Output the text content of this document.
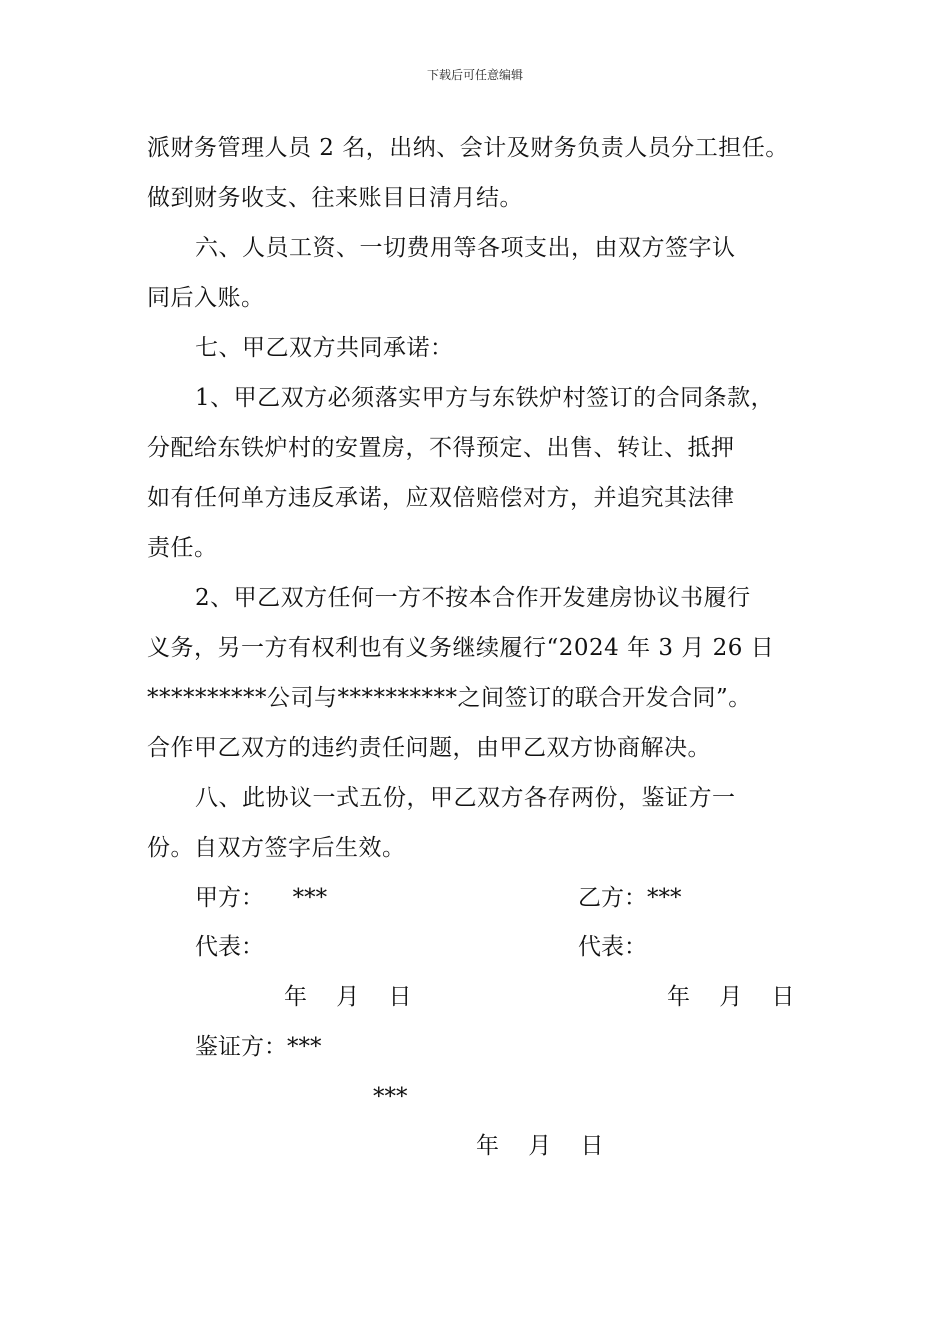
下载后可任意编辑
派财务管理人员 2 名，出纳、会计及财务负责人员分工担任。
做到财务收支、往来账目日清月结。
六、人员工资、一切费用等各项支出，由双方签字认
同后入账。
七、甲乙双方共同承诺：
1、甲乙双方必须落实甲方与东铁炉村签订的合同条款，
分配给东铁炉村的安置房，不得预定、出售、转让、抵押
如有任何单方违反承诺，应双倍赔偿对方，并追究其法律
责任。
2、甲乙双方任何一方不按本合作开发建房协议书履行
义务，另一方有权利也有义务继续履行“2024 年 3 月 26 日
**********公司与**********之间签订的联合开发合同”。
合作甲乙双方的违约责任问题，由甲乙双方协商解决。
八、此协议一式五份，甲乙双方各存两份，鉴证方一
份。自双方签字后生效。
甲方： ***	乙方：***
代表：	代表：
年    月    日	年    月    日
鉴证方：***
***
年    月    日
